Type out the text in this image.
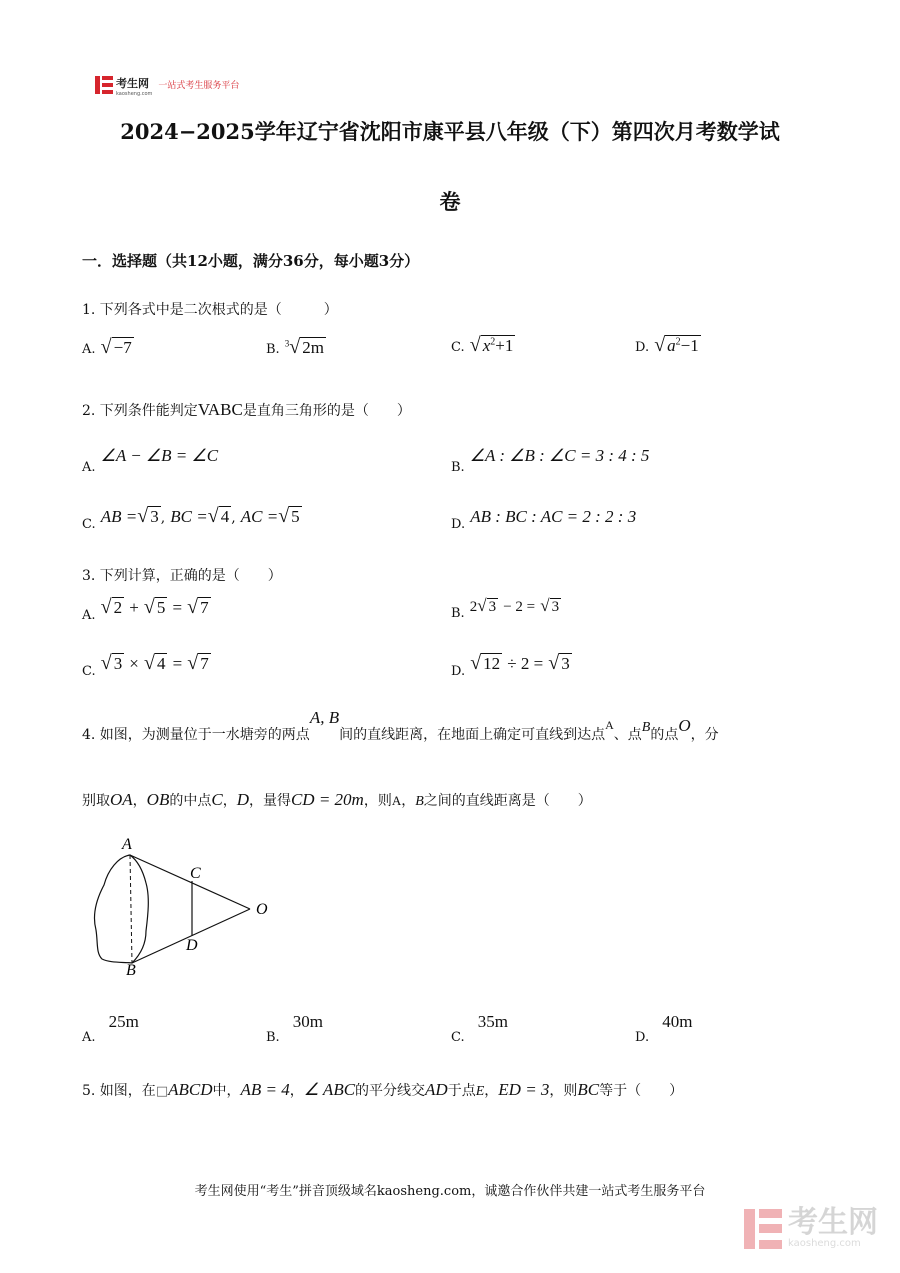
考生网
kaosheng.com
一站式考生服务平台
2024−2025学年辽宁省沈阳市康平县八年级（下）第四次月考数学试
卷
一．选择题（共12小题，满分36分，每小题3分）
1. 下列各式中是二次根式的是（　　　）
A. √ −7	B. $^3$√ 2m	C. √ $x^2+1$	D. √ $a^2-1$
2. 下列条件能判定VABC是直角三角形的是（　　）
$_{A.}$ ∠A − ∠B = ∠C
$_{B.}$ ∠A : ∠B : ∠C = 3 : 4 : 5
$_{C.}$ AB =√ 3 , BC =√ 4 , AC =√ 5	$_{D.}$ AB : BC : AC = 2 : 2 : 3
3. 下列计算，正确的是（　　）
$_{A.}$ √ 2 + √ 5 = √ 7	$_{B.}$ 2√ 3 − 2 = √ 3
$_{C.}$ √ 3 × √ 4 = √ 7	$_{D.}$ √ 12 ÷ 2 = √ 3
4. 如图，为测量位于一水塘旁的两点A, B间的直线距离，在地面上确定可直线到达点A、点B的点O，分
别取OA，OB的中点C，D，量得CD = 20m，则A，B之间的直线距离是（　　）
A
B
C
D
O
$_{A.}$ 25m
$_{B.}$ 30m
$_{C.}$ 35m
$_{D.}$ 40m
5. 如图，在□ABCD中，AB = 4，∠ ABC的平分线交AD于点E，ED = 3，则BC等于（　　）
考生网使用“考生”拼音顶级域名kaosheng.com，诚邀合作伙伴共建一站式考生服务平台
考生网
kaosheng.com
